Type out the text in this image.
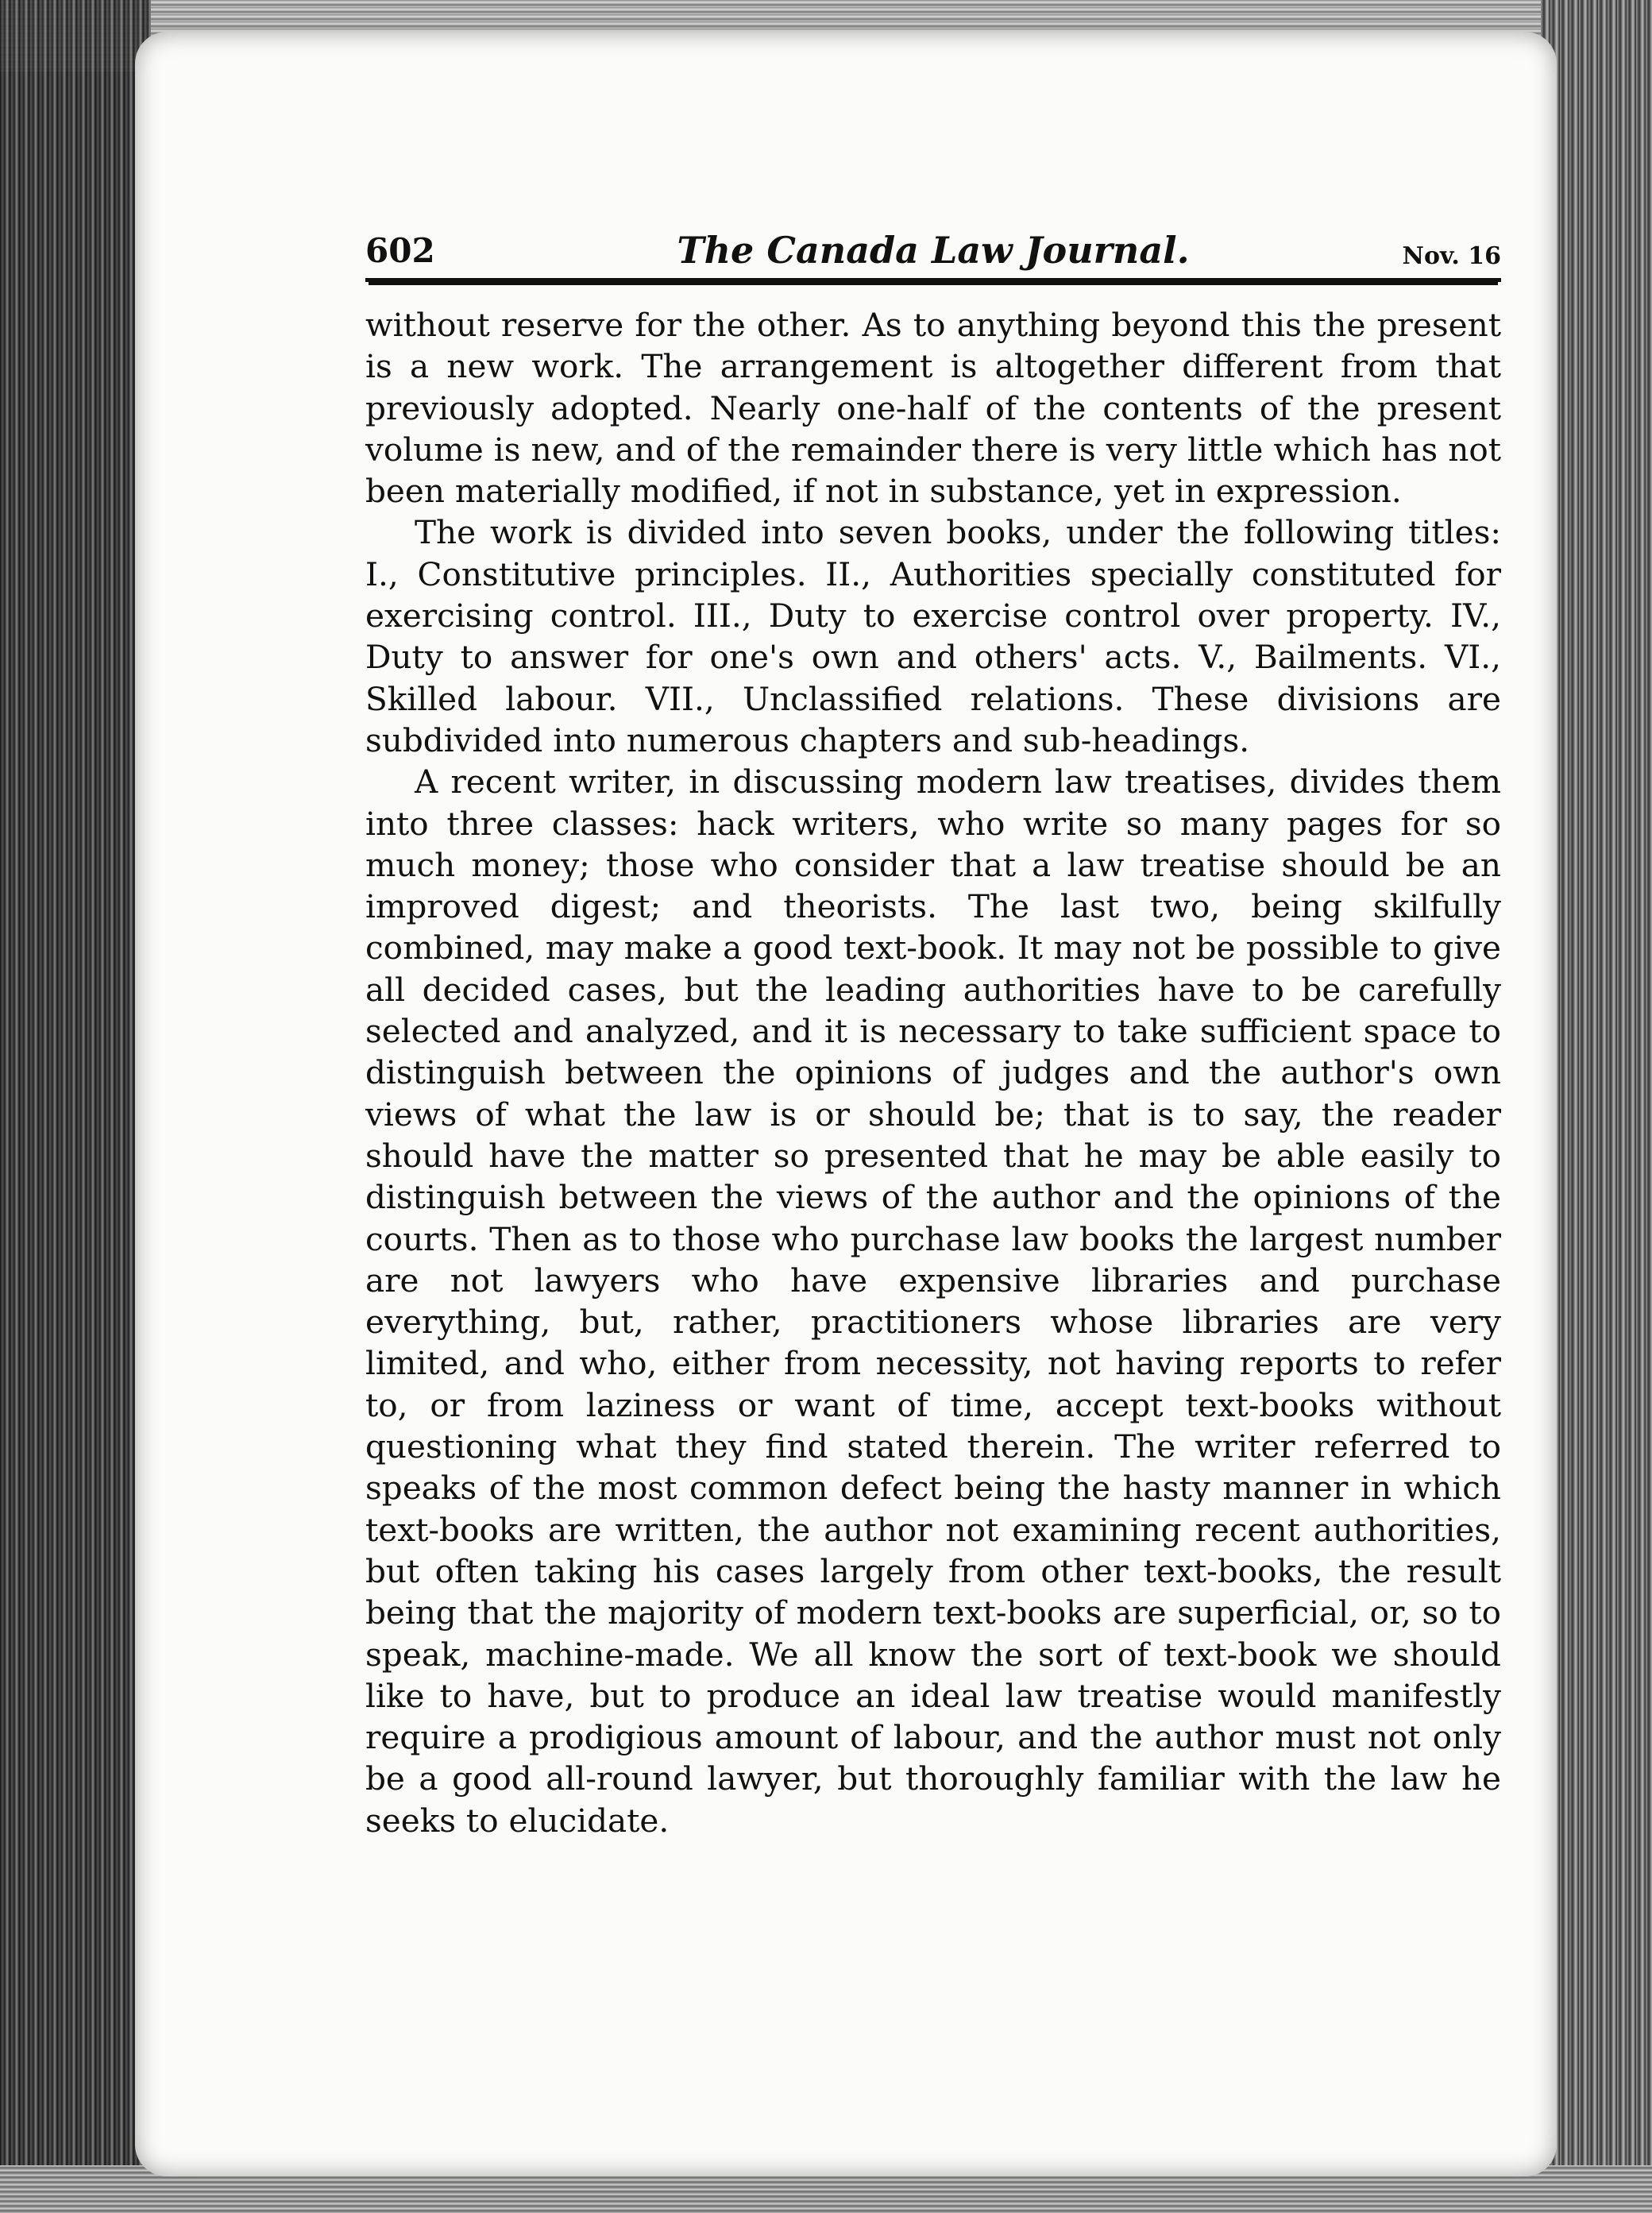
602	The Canada Law Journal.	Nov. 16

without reserve for the other. As to anything beyond this the present is a new work. The arrangement is altogether different from that previously adopted. Nearly one-half of the contents of the present volume is new, and of the remainder there is very little which has not been materially modified, if not in substance, yet in expression.

The work is divided into seven books, under the following titles: I., Constitutive principles. II., Authorities specially constituted for exercising control. III., Duty to exercise control over property. IV., Duty to answer for one's own and others' acts. V., Bailments. VI., Skilled labour. VII., Unclassified relations. These divisions are subdivided into numerous chapters and sub-headings.

A recent writer, in discussing modern law treatises, divides them into three classes: hack writers, who write so many pages for so much money; those who consider that a law treatise should be an improved digest; and theorists. The last two, being skilfully combined, may make a good text-book. It may not be possible to give all decided cases, but the leading authorities have to be carefully selected and analyzed, and it is necessary to take sufficient space to distinguish between the opinions of judges and the author's own views of what the law is or should be; that is to say, the reader should have the matter so presented that he may be able easily to distinguish between the views of the author and the opinions of the courts. Then as to those who purchase law books the largest number are not lawyers who have expensive libraries and purchase everything, but, rather, practitioners whose libraries are very limited, and who, either from necessity, not having reports to refer to, or from laziness or want of time, accept text-books without questioning what they find stated therein. The writer referred to speaks of the most common defect being the hasty manner in which text-books are written, the author not examining recent authorities, but often taking his cases largely from other text-books, the result being that the majority of modern text-books are superficial, or, so to speak, machine-made. We all know the sort of text-book we should like to have, but to produce an ideal law treatise would manifestly require a prodigious amount of labour, and the author must not only be a good all-round lawyer, but thoroughly familiar with the law he seeks to elucidate.
